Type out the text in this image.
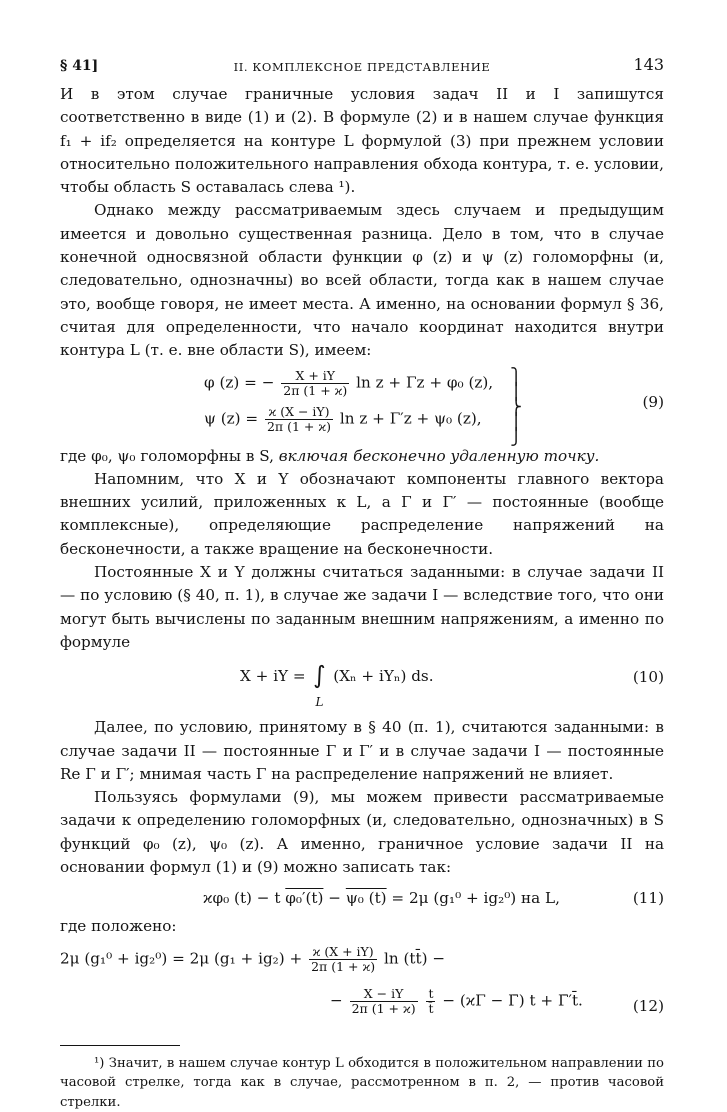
§ 41]	II. КОМПЛЕКСНОЕ ПРЕДСТАВЛЕНИЕ	143

И в этом случае граничные условия задач II и I запишутся соответственно в виде (1) и (2). В формуле (2) и в нашем случае функция f₁ + if₂ определяется на контуре L формулой (3) при прежнем условии относительно положительного направления обхода контура, т. е. условии, чтобы область S оставалась слева ¹).

Однако между рассматриваемым здесь случаем и предыдущим имеется и довольно существенная разница. Дело в том, что в случае конечной односвязной области функции φ (z) и ψ (z) голоморфны (и, следовательно, однозначны) во всей области, тогда как в нашем случае это, вообще говоря, не имеет места. А именно, на основании формул § 36, считая для определенности, что начало координат находится внутри контура L (т. е. вне области S), имеем:

φ (z) = − $\frac{X + iY}{2\pi (1 + ϰ)}$ ln z + Γz + φ₀ (z),
ψ $(z) = \frac{ϰ (X - iY)}{2\pi (1 + ϰ)}$ ln z + Γ′z + ψ₀ (z),
⎫
⎪
⎬
⎪
⎭
(9)

где φ₀, ψ₀ голоморфны в S, включая бесконечно удаленную точку.

Напомним, что X и Y обозначают компоненты главного вектора внешних усилий, приложенных к L, а Γ и Γ′ — постоянные (вообще комплексные), определяющие распределение напряжений на бесконечности, а также вращение на бесконечности.

Постоянные X и Y должны считаться заданными: в случае задачи II — по условию (§ 40, п. 1), в случае же задачи I — вследствие того, что они могут быть вычислены по заданным внешним напряжениям, а именно по формуле

X + iY = ∫
L
(Xₙ + iYₙ) ds.	(10)

Далее, по условию, принятому в § 40 (п. 1), считаются заданными: в случае задачи II — постоянные Γ и Γ′ и в случае задачи I — постоянные Re Γ и Γ′; мнимая часть Γ на распределение напряжений не влияет.

Пользуясь формулами (9), мы можем привести рассматриваемые задачи к определению голоморфных (и, следовательно, однозначных) в S функций φ₀ (z), ψ₀ (z). А именно, граничное условие задачи II на основании формул (1) и (9) можно записать так:

ϰφ₀ (t) − t φ₀′(t) − ψ₀ (t) = 2μ (g₁⁰ + ig₂⁰) на L,	(11)

где положено:

2μ (g₁⁰ + ig₂⁰) = 2μ $(g_1 + ig_2) + \frac{ϰ (X + iY)}{2\pi (1 + ϰ)}$ ln (tt̄) −
− $\frac{X - iY}{2\pi (1 + ϰ)}$
$\frac{t}{t̄} - (ϰ\Gamma$ − Γ̄) t + Γ̄′t̄.	(12)

¹) Значит, в нашем случае контур L обходится в положительном направлении по часовой стрелке, тогда как в случае, рассмотренном в п. 2, — против часовой стрелки.
